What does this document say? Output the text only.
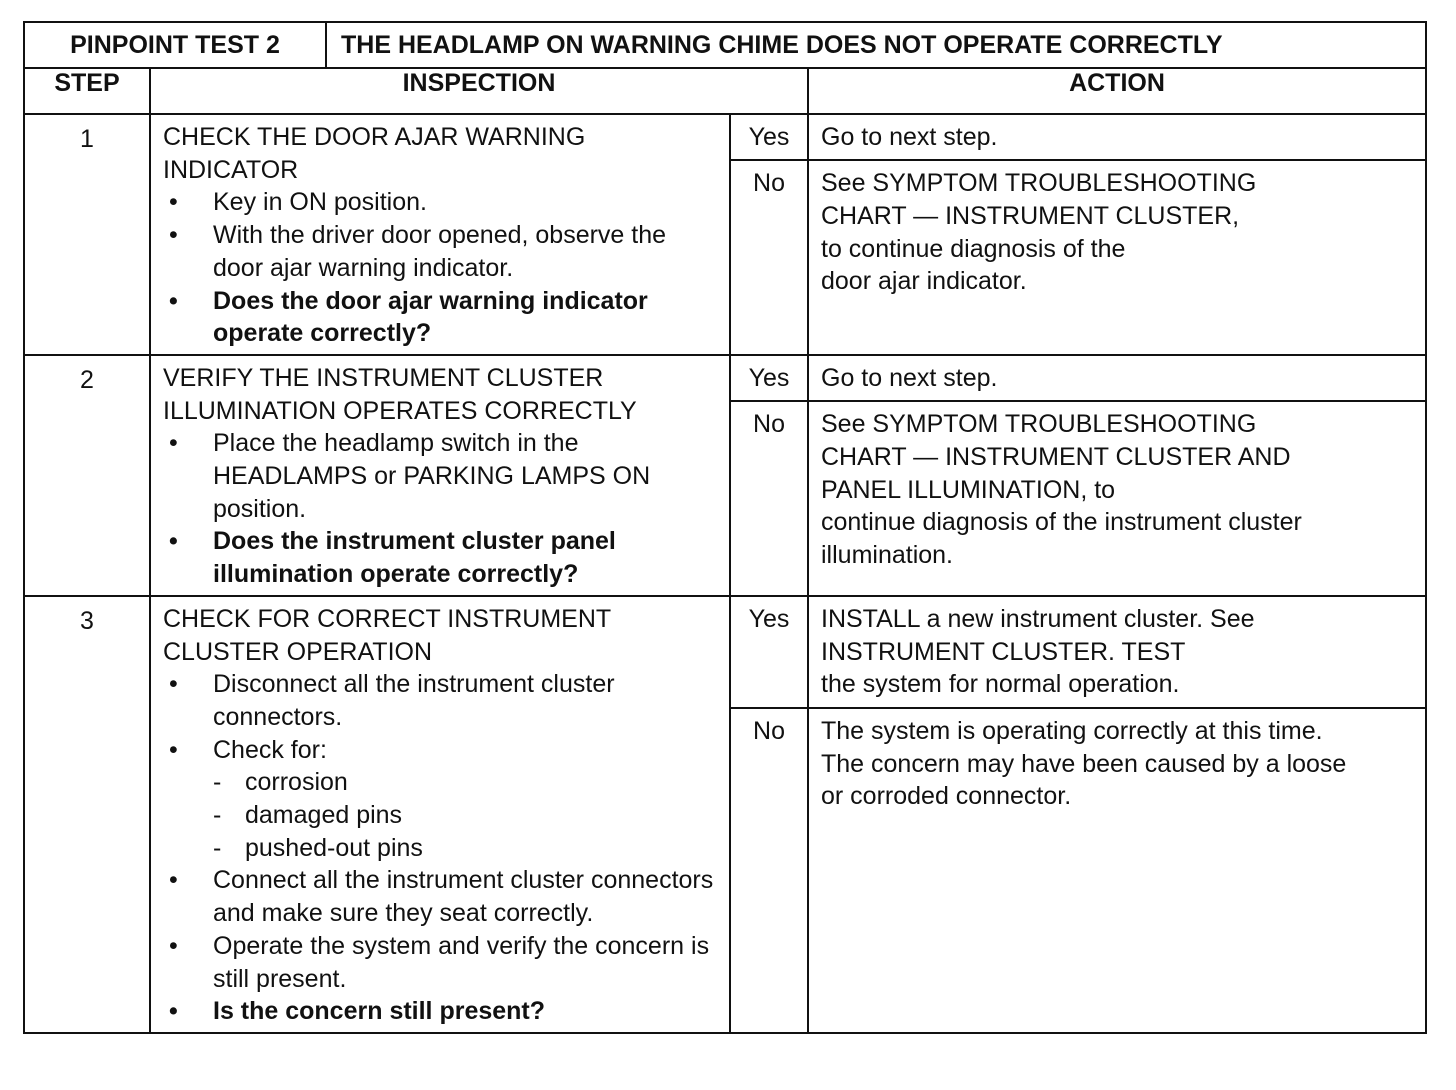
PINPOINT TEST 2	THE HEADLAMP ON WARNING CHIME DOES NOT OPERATE CORRECTLY

STEP	INSPECTION	ACTION
1	CHECK THE DOOR AJAR WARNING
INDICATOR
• Key in ON position.
• With the driver door opened, observe the door ajar warning indicator.
• Does the door ajar warning indicator operate correctly?
	Yes	Go to next step.
No	See SYMPTOM TROUBLESHOOTING
CHART — INSTRUMENT CLUSTER,
to continue diagnosis of the
door ajar indicator.
2	VERIFY THE INSTRUMENT CLUSTER
ILLUMINATION OPERATES CORRECTLY
• Place the headlamp switch in the HEADLAMPS or PARKING LAMPS ON position.
• Does the instrument cluster panel illumination operate correctly?
	Yes	Go to next step.
No	See SYMPTOM TROUBLESHOOTING
CHART — INSTRUMENT CLUSTER AND
PANEL ILLUMINATION, to
continue diagnosis of the instrument cluster
illumination.
3	CHECK FOR CORRECT INSTRUMENT
CLUSTER OPERATION
• Disconnect all the instrument cluster connectors.
• Check for:
- corrosion
- damaged pins
- pushed-out pins
• Connect all the instrument cluster connectors and make sure they seat correctly.
• Operate the system and verify the concern is still present.
• Is the concern still present?
	Yes	INSTALL a new instrument cluster. See
INSTRUMENT CLUSTER. TEST
the system for normal operation.
No	The system is operating correctly at this time.
The concern may have been caused by a loose
or corroded connector.
